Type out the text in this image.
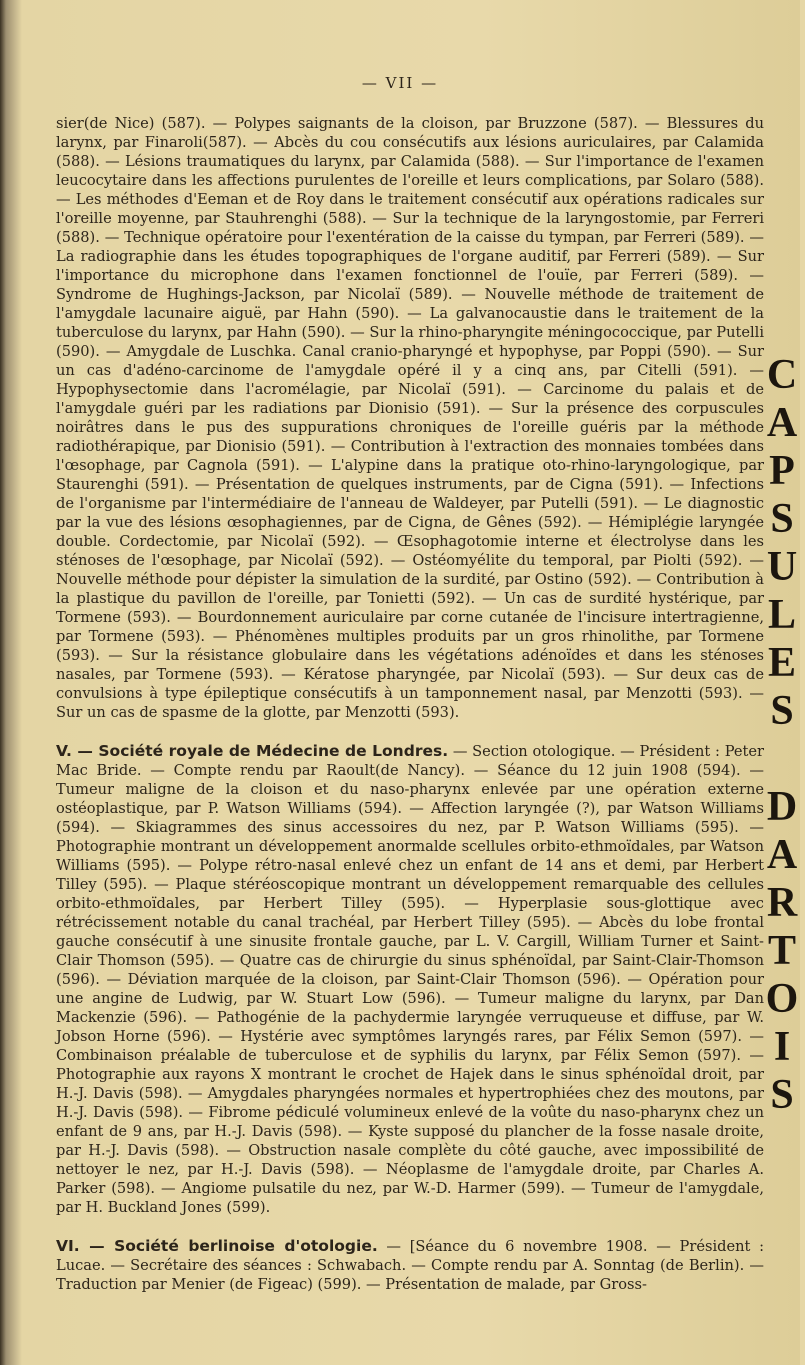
— VII —

sier(de Nice) (587). — Polypes saignants de la cloison, par Bruzzone (587). — Blessures du larynx, par Finaroli(587). — Abcès du cou consécutifs aux lésions auriculaires, par Calamida (588). — Lésions traumatiques du larynx, par Calamida (588). — Sur l'importance de l'examen leucocytaire dans les affections purulentes de l'oreille et leurs complications, par Solaro (588). — Les méthodes d'Eeman et de Roy dans le traitement consécutif aux opérations radicales sur l'oreille moyenne, par Stauhrenghi (588). — Sur la technique de la laryngostomie, par Ferreri (588). — Technique opératoire pour l'exentération de la caisse du tympan, par Ferreri (589). — La radiographie dans les études topographiques de l'organe auditif, par Ferreri (589). — Sur l'importance du microphone dans l'examen fonctionnel de l'ouïe, par Ferreri (589). — Syndrome de Hughings-Jackson, par Nicolaï (589). — Nouvelle méthode de traitement de l'amygdale lacunaire aiguë, par Hahn (590). — La galvanocaustie dans le traitement de la tuberculose du larynx, par Hahn (590). — Sur la rhino-pharyngite méningococcique, par Putelli (590). — Amygdale de Luschka. Canal cranio-pharyngé et hypophyse, par Poppi (590). — Sur un cas d'adéno-carcinome de l'amygdale opéré il y a cinq ans, par Citelli (591). — Hypophysectomie dans l'acromélagie, par Nicolaï (591). — Carcinome du palais et de l'amygdale guéri par les radiations par Dionisio (591). — Sur la présence des corpuscules noirâtres dans le pus des suppurations chroniques de l'oreille guéris par la méthode radiothérapique, par Dionisio (591). — Contribution à l'extraction des monnaies tombées dans l'œsophage, par Cagnola (591). — L'alypine dans la pratique oto-rhino-laryngologique, par Staurenghi (591). — Présentation de quelques instruments, par de Cigna (591). — Infections de l'organisme par l'intermédiaire de l'anneau de Waldeyer, par Putelli (591). — Le diagnostic par la vue des lésions œsophagiennes, par de Cigna, de Gênes (592). — Hémiplégie laryngée double. Cordectomie, par Nicolaï (592). — Œsophagotomie interne et électrolyse dans les sténoses de l'œsophage, par Nicolaï (592). — Ostéomyélite du temporal, par Piolti (592). — Nouvelle méthode pour dépister la simulation de la surdité, par Ostino (592). — Contribution à la plastique du pavillon de l'oreille, par Tonietti (592). — Un cas de surdité hystérique, par Tormene (593). — Bourdonnement auriculaire par corne cutanée de l'incisure intertragienne, par Tormene (593). — Phénomènes multiples produits par un gros rhinolithe, par Tormene (593). — Sur la résistance globulaire dans les végétations adénoïdes et dans les sténoses nasales, par Tormene (593). — Kératose pharyngée, par Nicolaï (593). — Sur deux cas de convulsions à type épileptique consécutifs à un tamponnement nasal, par Menzotti (593). — Sur un cas de spasme de la glotte, par Menzotti (593).

V. — Société royale de Médecine de Londres. — Section otologique. — Président : Peter Mac Bride. — Compte rendu par Raoult(de Nancy). — Séance du 12 juin 1908 (594). — Tumeur maligne de la cloison et du naso-pharynx enlevée par une opération externe ostéoplastique, par P. Watson Williams (594). — Affection laryngée (?), par Watson Williams (594). — Skiagrammes des sinus accessoires du nez, par P. Watson Williams (595). — Photographie montrant un développement anormalde scellules orbito-ethmoïdales, par Watson Williams (595). — Polype rétro-nasal enlevé chez un enfant de 14 ans et demi, par Herbert Tilley (595). — Plaque stéréoscopique montrant un développement remarquable des cellules orbito-ethmoïdales, par Herbert Tilley (595). — Hyperplasie sous-glottique avec rétrécissement notable du canal trachéal, par Herbert Tilley (595). — Abcès du lobe frontal gauche consécutif à une sinusite frontale gauche, par L. V. Cargill, William Turner et Saint-Clair Thomson (595). — Quatre cas de chirurgie du sinus sphénoïdal, par Saint-Clair-Thomson (596). — Déviation marquée de la cloison, par Saint-Clair Thomson (596). — Opération pour une angine de Ludwig, par W. Stuart Low (596). — Tumeur maligne du larynx, par Dan Mackenzie (596). — Pathogénie de la pachydermie laryngée verruqueuse et diffuse, par W. Jobson Horne (596). — Hystérie avec symptômes laryngés rares, par Félix Semon (597). — Combinaison préalable de tuberculose et de syphilis du larynx, par Félix Semon (597). — Photographie aux rayons X montrant le crochet de Hajek dans le sinus sphénoïdal droit, par H.-J. Davis (598). — Amygdales pharyngées normales et hypertrophiées chez des moutons, par H.-J. Davis (598). — Fibrome pédiculé volumineux enlevé de la voûte du naso-pharynx chez un enfant de 9 ans, par H.-J. Davis (598). — Kyste supposé du plancher de la fosse nasale droite, par H.-J. Davis (598). — Obstruction nasale complète du côté gauche, avec impossibilité de nettoyer le nez, par H.-J. Davis (598). — Néoplasme de l'amygdale droite, par Charles A. Parker (598). — Angiome pulsatile du nez, par W.-D. Harmer (599). — Tumeur de l'amygdale, par H. Buckland Jones (599).

VI. — Société berlinoise d'otologie. — [Séance du 6 novembre 1908. — Président : Lucae. — Secrétaire des séances : Schwabach. — Compte rendu par A. Sonntag (de Berlin). — Traduction par Menier (de Figeac) (599). — Présentation de malade, par Gross-

CAPSULES DARTOIS
